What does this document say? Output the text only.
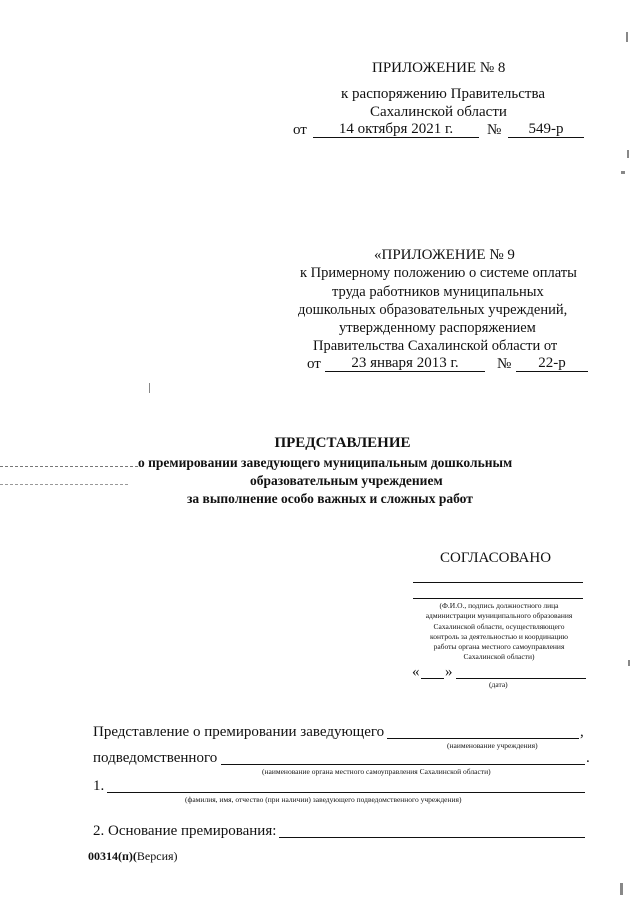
ПРИЛОЖЕНИЕ № 8
к распоряжению Правительства
Сахалинской области
от	14 октября 2021 г.	№	549-р
«ПРИЛОЖЕНИЕ № 9
к Примерному положению о системе оплаты
труда работников муниципальных
дошкольных образовательных учреждений,
утвержденному распоряжением
Правительства Сахалинской области от
от	23 января 2013 г.	№	22-р
ПРЕДСТАВЛЕНИЕ
о премировании заведующего муниципальным дошкольным
образовательным учреждением
за выполнение особо важных и сложных работ
СОГЛАСОВАНО
(Ф.И.О., подпись должностного лица
администрации муниципального образования
Сахалинской области, осуществляющего
контроль за деятельностью и координацию
работы органа местного самоуправления
Сахалинской области)
« »
(дата)
Представление о премировании заведующего	,
(наименование учреждения)
подведомственного	.
(наименование органа местного самоуправления Сахалинской области)
1.
(фамилия, имя, отчество (при наличии) заведующего подведомственного учреждения)
2. Основание премирования:
00314(п)(Версия)
